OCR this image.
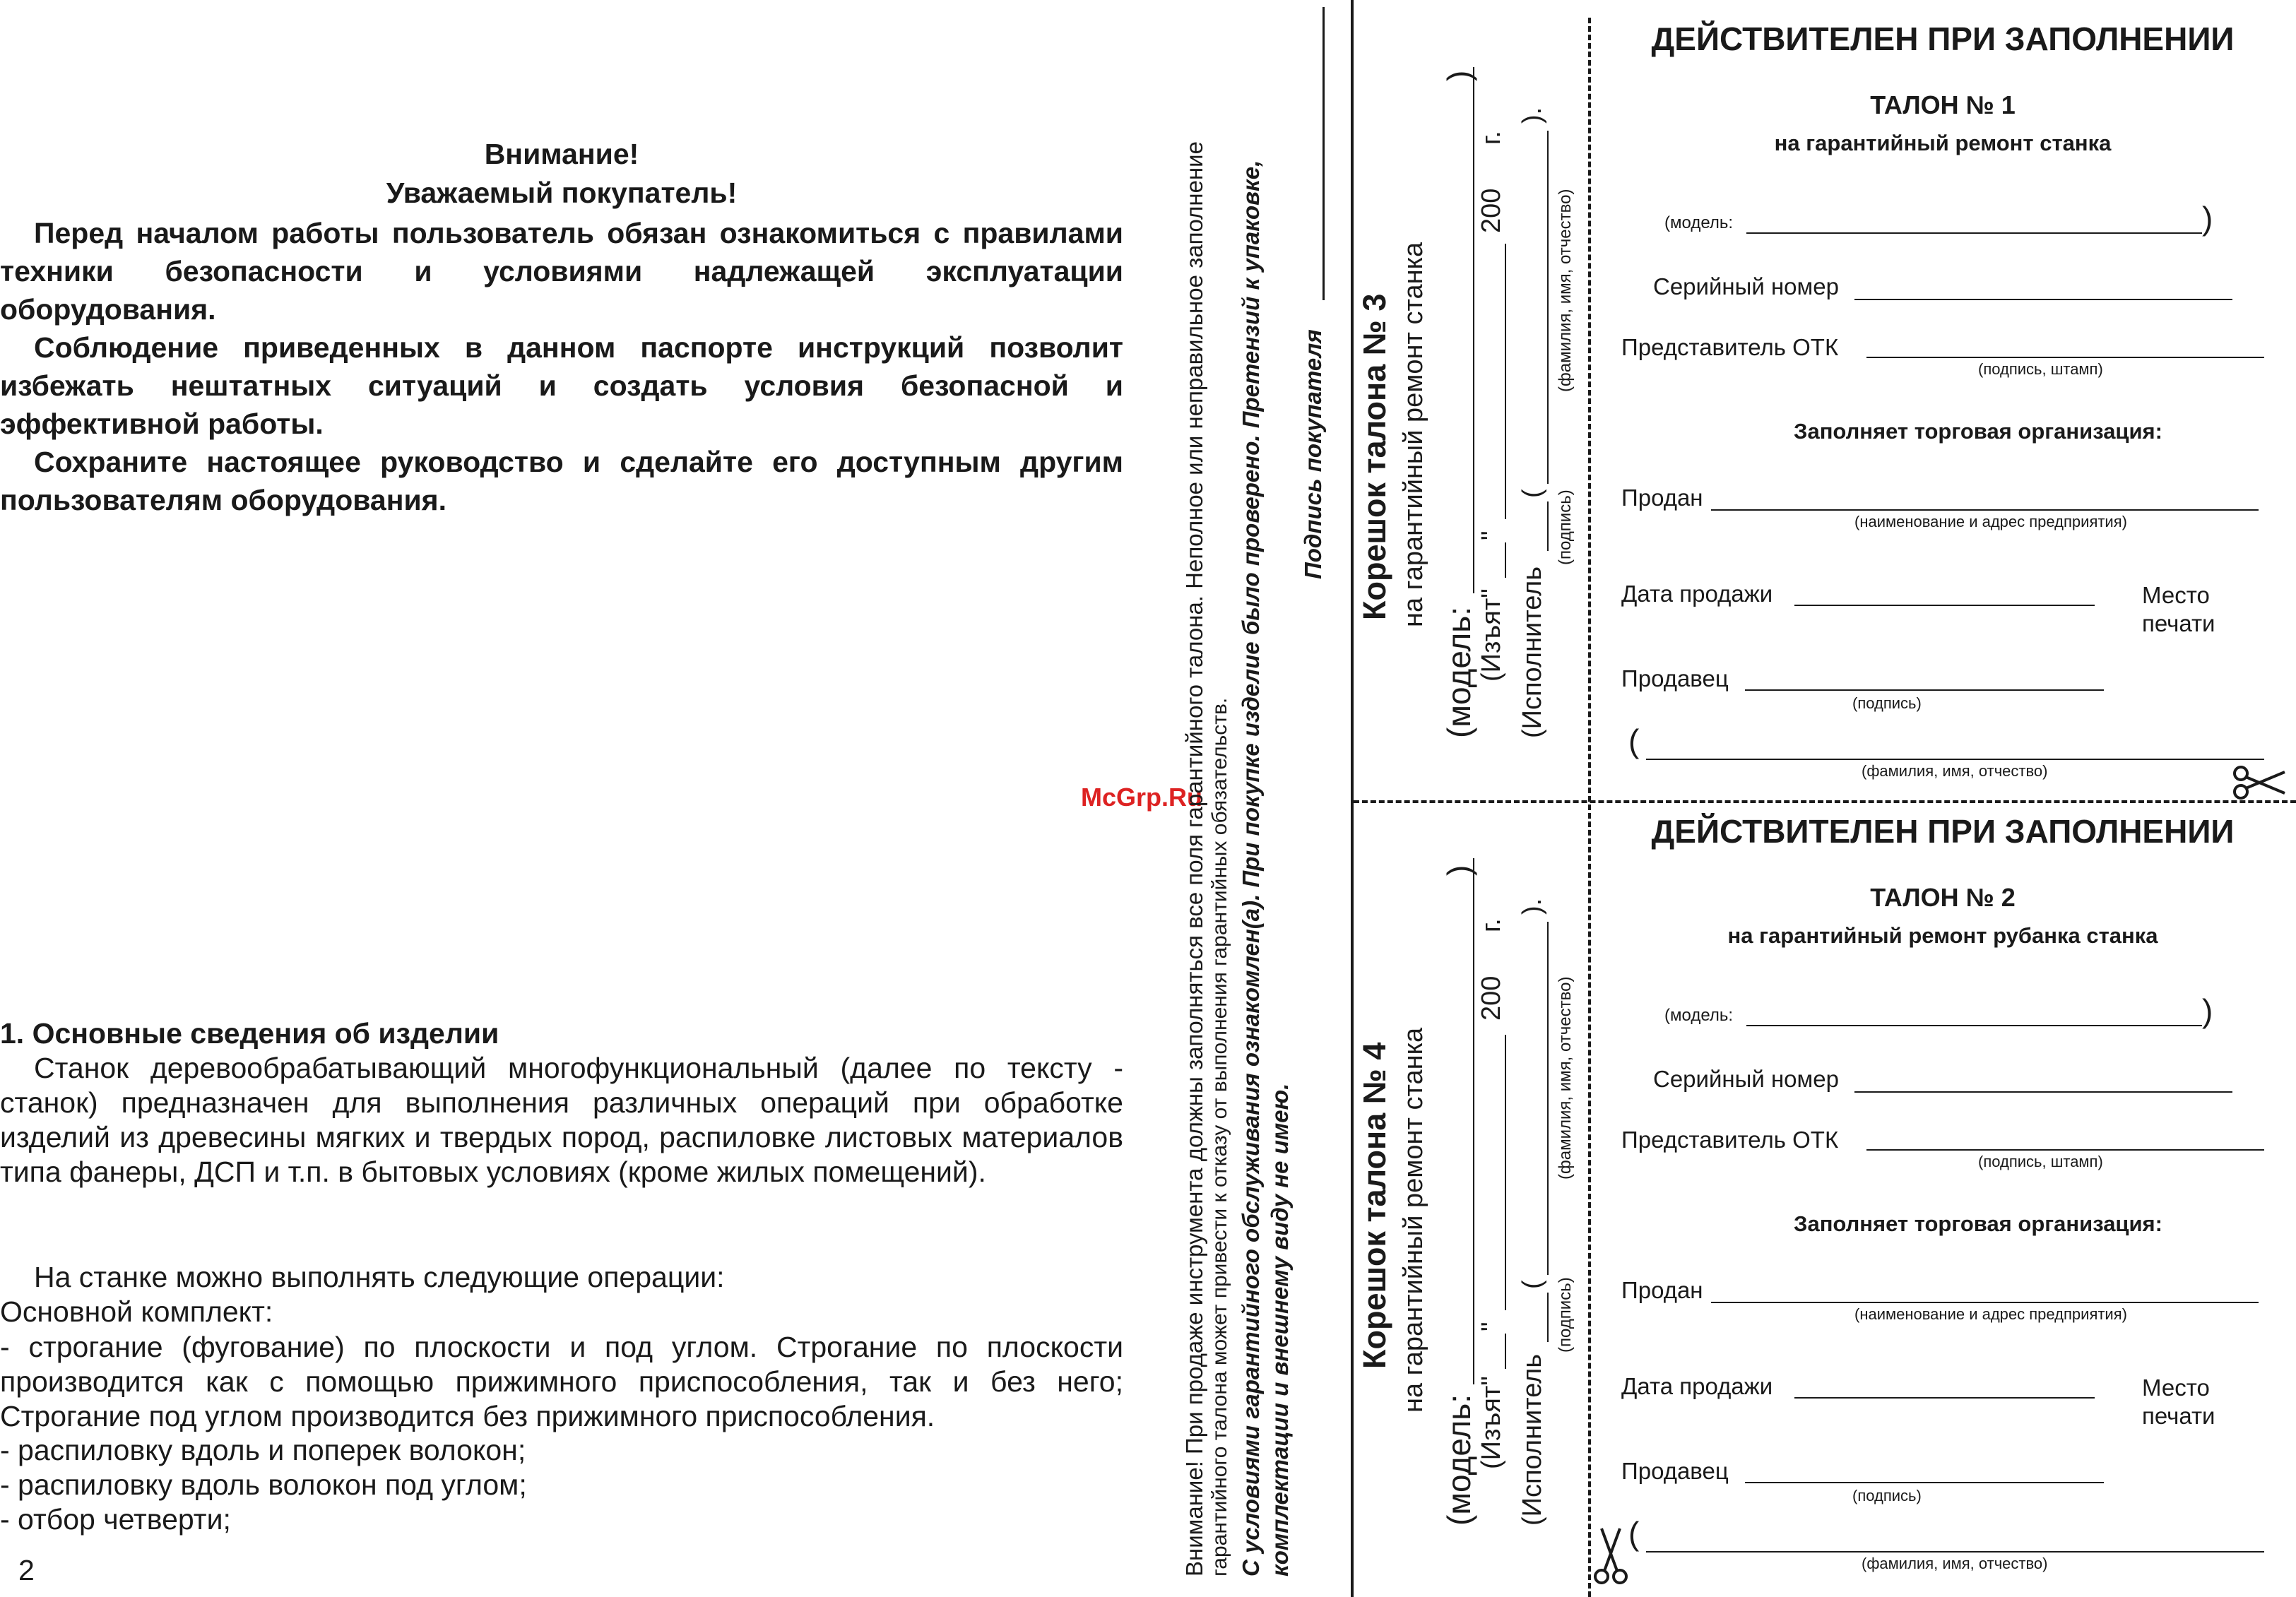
Внимание!
Уважаемый покупатель!
Перед началом работы пользователь обязан ознакомиться с правилами техники безопасности и условиями надлежащей эксплуатации оборудования.
Соблюдение приведенных в данном паспорте инструкций позволит избежать нештатных ситуаций и создать условия безопасной и эффективной работы.
Сохраните настоящее руководство и сделайте его доступным другим пользователям оборудования.
McGrp.Ru
1. Основные сведения об изделии
Станок деревообрабатывающий многофункциональный (далее по тексту - станок) предназначен для выполнения различных операций при обработке изделий из древесины мягких и твердых пород, распиловке листовых материалов типа фанеры, ДСП и т.п. в бытовых условиях (кроме жилых помещений).
На станке можно выполнять следующие операции:
Основной комплект:
- строгание (фугование) по плоскости и под углом. Строгание по плоскости производится как с помощью прижимного приспособления, так и без него; Строгание под углом производится без прижимного приспособления.
- распиловку вдоль и поперек волокон;
- распиловку вдоль волокон под углом;
- отбор четверти;
2	Внимание! При продаже инструмента должны заполняться все поля гарантийного талона. Неполное или неправильное заполнение гарантийного талона может привести к отказу от выполнения гарантийных обязательств. С условиями гарантийного обслуживания ознакомлен(а). При покупке изделие было проверено. Претензий к упаковке, комплектации и внешнему виду не имею.
Подпись покупателя Корешок талона № 3 на гарантийный ремонт станка
(модель:
)
(Изъят"
"
200
г.
(Исполнитель
(
).
(подпись)
(фамилия, имя, отчество)
Корешок талона № 4 на гарантийный ремонт станка
(модель:
)
(Изъят"
"
200
г.
(Исполнитель
(
).
(подпись)
(фамилия, имя, отчество)
ДЕЙСТВИТЕЛЕН ПРИ ЗАПОЛНЕНИИ
ТАЛОН № 1
на гарантийный ремонт станка
(модель:	)
Серийный номер
Представитель ОТК
(подпись, штамп)
Заполняет торговая организация:
Продан
(наименование и адрес предприятия)
Дата продажи	Место
печати
Продавец
(подпись)
(
(фамилия, имя, отчество)
ДЕЙСТВИТЕЛЕН ПРИ ЗАПОЛНЕНИИ
ТАЛОН № 2
на гарантийный ремонт рубанка станка
(модель:	)
Серийный номер
Представитель ОТК
(подпись, штамп)
Заполняет торговая организация:
Продан
(наименование и адрес предприятия)
Дата продажи	Место
печати
Продавец
(подпись)
(
(фамилия, имя, отчество)
